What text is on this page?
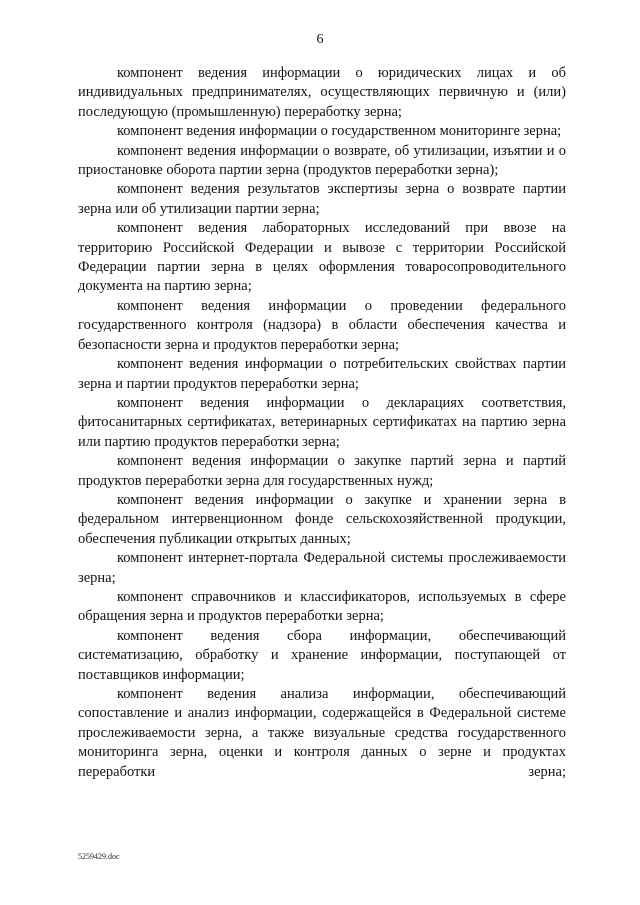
6

компонент ведения информации о юридических лицах и об индивидуальных предпринимателях, осуществляющих первичную и (или) последующую (промышленную) переработку зерна;

компонент ведения информации о государственном мониторинге зерна;

компонент ведения информации о возврате, об утилизации, изъятии и о приостановке оборота партии зерна (продуктов переработки зерна);

компонент ведения результатов экспертизы зерна о возврате партии зерна или об утилизации партии зерна;

компонент ведения лабораторных исследований при ввозе на территорию Российской Федерации и вывозе с территории Российской Федерации партии зерна в целях оформления товаросопроводительного документа на партию зерна;

компонент ведения информации о проведении федерального государственного контроля (надзора) в области обеспечения качества и безопасности зерна и продуктов переработки зерна;

компонент ведения информации о потребительских свойствах партии зерна и партии продуктов переработки зерна;

компонент ведения информации о декларациях соответствия, фитосанитарных сертификатах, ветеринарных сертификатах на партию зерна или партию продуктов переработки зерна;

компонент ведения информации о закупке партий зерна и партий продуктов переработки зерна для государственных нужд;

компонент ведения информации о закупке и хранении зерна в федеральном интервенционном фонде сельскохозяйственной продукции, обеспечения публикации открытых данных;

компонент интернет-портала Федеральной системы прослеживаемости зерна;

компонент справочников и классификаторов, используемых в сфере обращения зерна и продуктов переработки зерна;

компонент ведения сбора информации, обеспечивающий систематизацию, обработку и хранение информации, поступающей от поставщиков информации;

компонент ведения анализа информации, обеспечивающий сопоставление и анализ информации, содержащейся в Федеральной системе прослеживаемости зерна, а также визуальные средства государственного мониторинга зерна, оценки и контроля данных о зерне и продуктах переработки зерна;

5259429.doc
